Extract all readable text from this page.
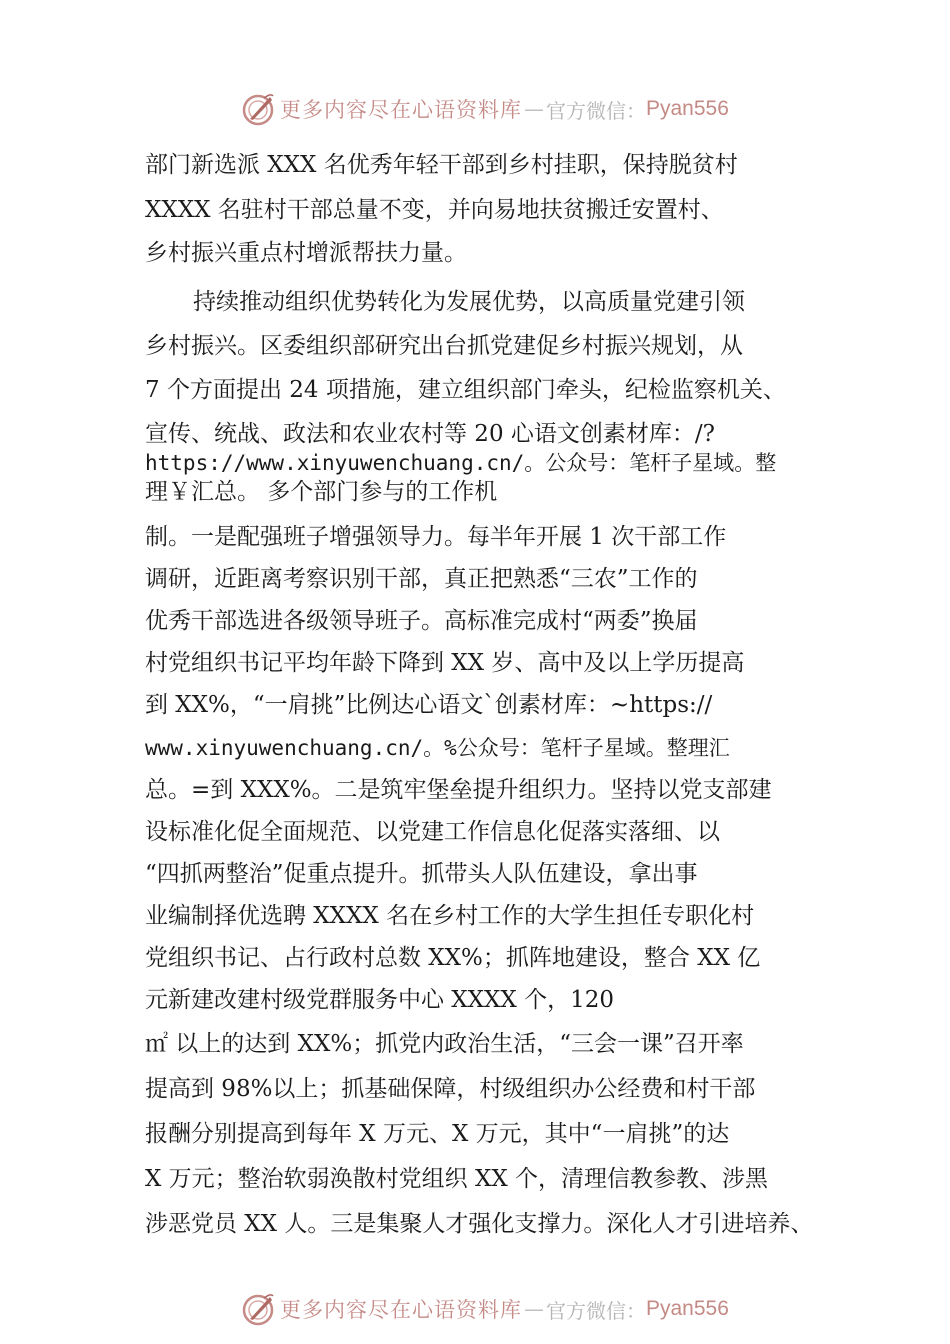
更多内容尽在心语资料库 — 官方微信： Pyan556
部门新选派 XXX 名优秀年轻干部到乡村挂职，保持脱贫村
XXXX 名驻村干部总量不变，并向易地扶贫搬迁安置村、
乡村振兴重点村增派帮扶力量。
持续推动组织优势转化为发展优势，以高质量党建引领
乡村振兴。区委组织部研究出台抓党建促乡村振兴规划，从
7 个方面提出 24 项措施，建立组织部门牵头，纪检监察机关、
宣传、统战、政法和农业农村等 20 心语文创素材库：/?
https://www.xinyuwenchuang.cn/。公众号：笔杆子星域。整
理￥汇总。 多个部门参与的工作机
制。一是配强班子增强领导力。每半年开展 1 次干部工作
调研，近距离考察识别干部，真正把熟悉“三农”工作的
优秀干部选进各级领导班子。高标准完成村“两委”换届
村党组织书记平均年龄下降到 XX 岁、高中及以上学历提高
到 XX%，“一肩挑”比例达心语文`创素材库：~https://
www.xinyuwenchuang.cn/。%公众号：笔杆子星域。整理汇
总。=到 XXX%。二是筑牢堡垒提升组织力。坚持以党支部建
设标准化促全面规范、以党建工作信息化促落实落细、以
“四抓两整治”促重点提升。抓带头人队伍建设，拿出事
业编制择优选聘 XXXX 名在乡村工作的大学生担任专职化村
党组织书记、占行政村总数 XX%；抓阵地建设，整合 XX 亿
元新建改建村级党群服务中心 XXXX 个，120
㎡ 以上的达到 XX%；抓党内政治生活，“三会一课”召开率
提高到 98%以上；抓基础保障，村级组织办公经费和村干部
报酬分别提高到每年 X 万元、X 万元，其中“一肩挑”的达
X 万元；整治软弱涣散村党组织 XX 个，清理信教参教、涉黑
涉恶党员 XX 人。三是集聚人才强化支撑力。深化人才引进培养、
更多内容尽在心语资料库 — 官方微信： Pyan556
